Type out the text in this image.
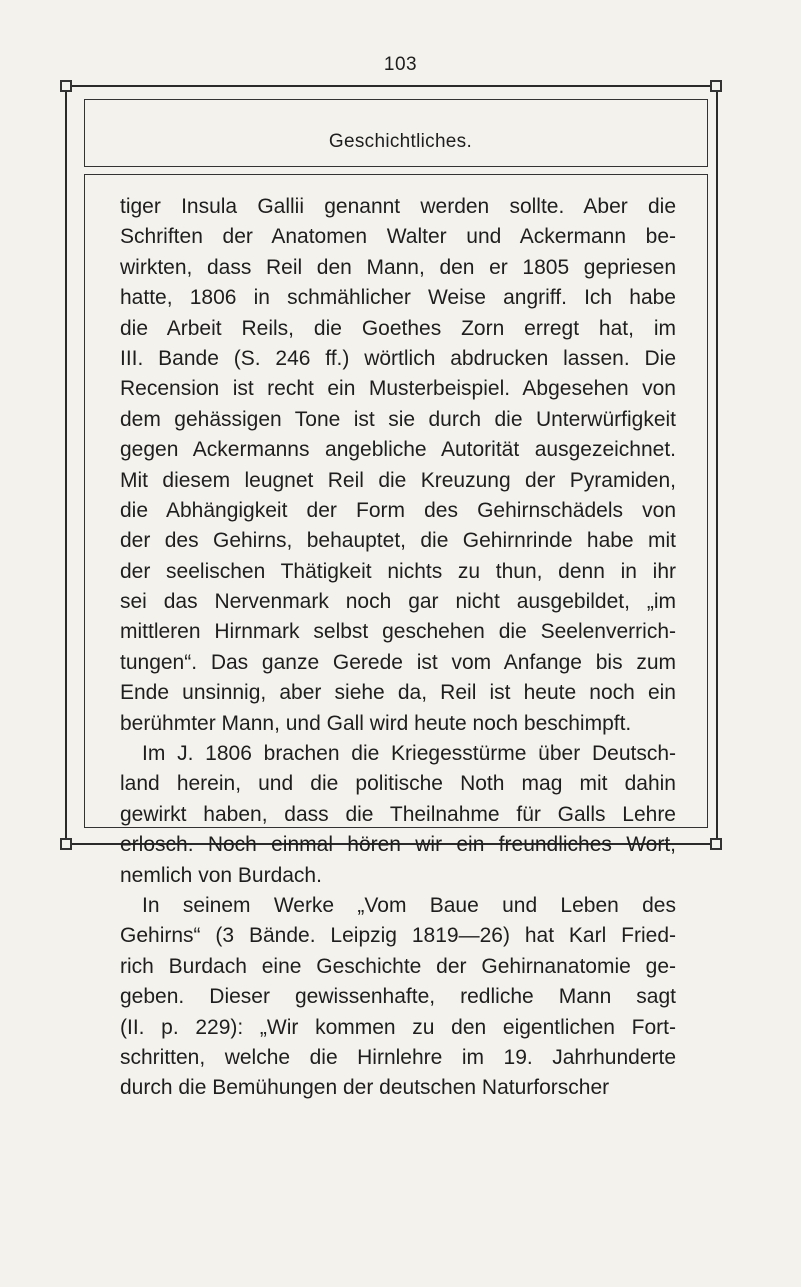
103
Geschichtliches.
tiger Insula Gallii genannt werden sollte. Aber die
Schriften der Anatomen Walter und Ackermann be-
wirkten, dass Reil den Mann, den er 1805 gepriesen
hatte, 1806 in schmählicher Weise angriff. Ich habe
die Arbeit Reils, die Goethes Zorn erregt hat, im
III. Bande (S. 246 ff.) wörtlich abdrucken lassen. Die
Recension ist recht ein Musterbeispiel. Abgesehen von
dem gehässigen Tone ist sie durch die Unterwürfigkeit
gegen Ackermanns angebliche Autorität ausgezeichnet.
Mit diesem leugnet Reil die Kreuzung der Pyramiden,
die Abhängigkeit der Form des Gehirnschädels von
der des Gehirns, behauptet, die Gehirnrinde habe mit
der seelischen Thätigkeit nichts zu thun, denn in ihr
sei das Nervenmark noch gar nicht ausgebildet, „im
mittleren Hirnmark selbst geschehen die Seelenverrich-
tungen“. Das ganze Gerede ist vom Anfange bis zum
Ende unsinnig, aber siehe da, Reil ist heute noch ein
berühmter Mann, und Gall wird heute noch beschimpft.
Im J. 1806 brachen die Kriegesstürme über Deutsch-
land herein, und die politische Noth mag mit dahin
gewirkt haben, dass die Theilnahme für Galls Lehre
erlosch. Noch einmal hören wir ein freundliches Wort,
nemlich von Burdach.
In seinem Werke „Vom Baue und Leben des
Gehirns“ (3 Bände. Leipzig 1819—26) hat Karl Fried-
rich Burdach eine Geschichte der Gehirnanatomie ge-
geben. Dieser gewissenhafte, redliche Mann sagt
(II. p. 229): „Wir kommen zu den eigentlichen Fort-
schritten, welche die Hirnlehre im 19. Jahrhunderte
durch die Bemühungen der deutschen Naturforscher
